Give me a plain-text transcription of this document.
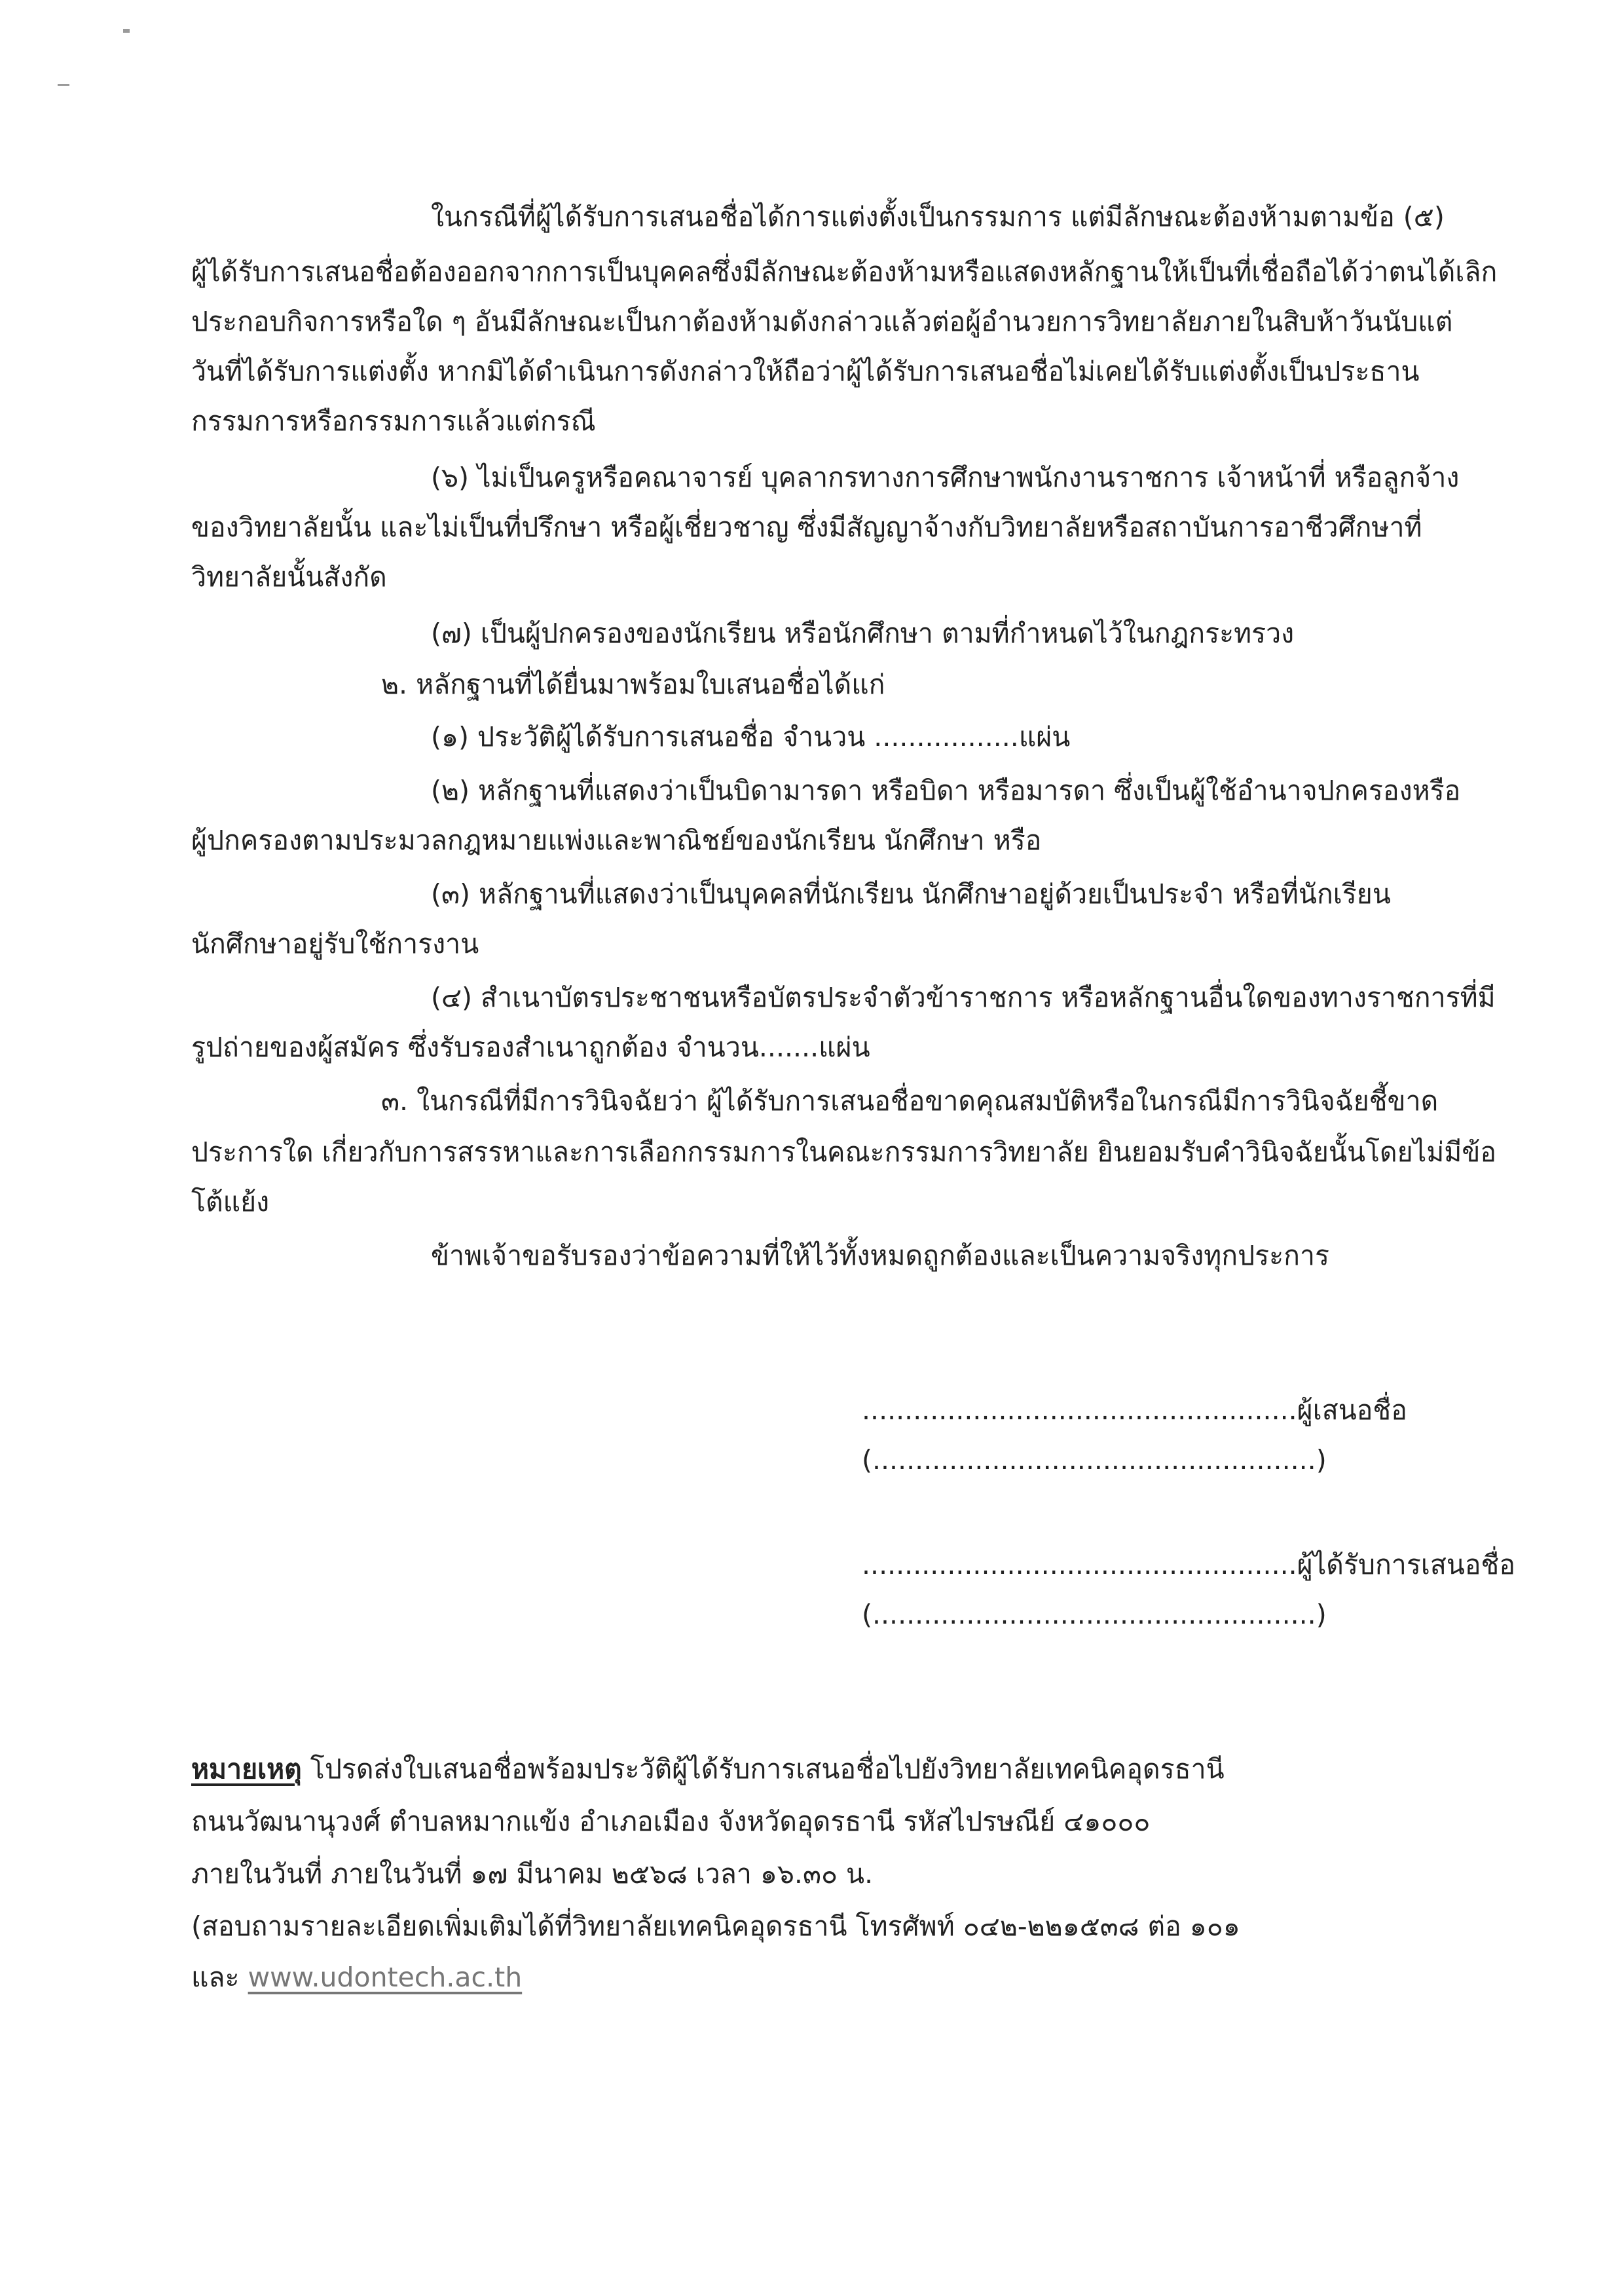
ในกรณีที่ผู้ได้รับการเสนอชื่อได้การแต่งตั้งเป็นกรรมการ แต่มีลักษณะต้องห้ามตามข้อ (๕)
ผู้ได้รับการเสนอชื่อต้องออกจากการเป็นบุคคลซึ่งมีลักษณะต้องห้ามหรือแสดงหลักฐานให้เป็นที่เชื่อถือได้ว่าตนได้เลิก
ประกอบกิจการหรือใด ๆ อันมีลักษณะเป็นกาต้องห้ามดังกล่าวแล้วต่อผู้อำนวยการวิทยาลัยภายในสิบห้าวันนับแต่
วันที่ได้รับการแต่งตั้ง หากมิได้ดำเนินการดังกล่าวให้ถือว่าผู้ได้รับการเสนอชื่อไม่เคยได้รับแต่งตั้งเป็นประธาน
กรรมการหรือกรรมการแล้วแต่กรณี
(๖) ไม่เป็นครูหรือคณาจารย์ บุคลากรทางการศึกษาพนักงานราชการ เจ้าหน้าที่ หรือลูกจ้าง
ของวิทยาลัยนั้น และไม่เป็นที่ปรึกษา หรือผู้เชี่ยวชาญ ซึ่งมีสัญญาจ้างกับวิทยาลัยหรือสถาบันการอาชีวศึกษาที่
วิทยาลัยนั้นสังกัด
(๗) เป็นผู้ปกครองของนักเรียน หรือนักศึกษา ตามที่กำหนดไว้ในกฎกระทรวง
๒. หลักฐานที่ได้ยื่นมาพร้อมใบเสนอชื่อได้แก่
(๑) ประวัติผู้ได้รับการเสนอชื่อ จำนวน .................แผ่น
(๒) หลักฐานที่แสดงว่าเป็นบิดามารดา หรือบิดา หรือมารดา ซึ่งเป็นผู้ใช้อำนาจปกครองหรือ
ผู้ปกครองตามประมวลกฎหมายแพ่งและพาณิชย์ของนักเรียน นักศึกษา หรือ
(๓) หลักฐานที่แสดงว่าเป็นบุคคลที่นักเรียน นักศึกษาอยู่ด้วยเป็นประจำ หรือที่นักเรียน
นักศึกษาอยู่รับใช้การงาน
(๔) สำเนาบัตรประชาชนหรือบัตรประจำตัวข้าราชการ หรือหลักฐานอื่นใดของทางราชการที่มี
รูปถ่ายของผู้สมัคร ซึ่งรับรองสำเนาถูกต้อง จำนวน.......แผ่น
๓. ในกรณีที่มีการวินิจฉัยว่า ผู้ได้รับการเสนอชื่อขาดคุณสมบัติหรือในกรณีมีการวินิจฉัยชี้ขาด
ประการใด เกี่ยวกับการสรรหาและการเลือกกรรมการในคณะกรรมการวิทยาลัย ยินยอมรับคำวินิจฉัยนั้นโดยไม่มีข้อ
โต้แย้ง
ข้าพเจ้าขอรับรองว่าข้อความที่ให้ไว้ทั้งหมดถูกต้องและเป็นความจริงทุกประการ
...................................................ผู้เสนอชื่อ
(....................................................)
...................................................ผู้ได้รับการเสนอชื่อ
(....................................................)
หมายเหตุ โปรดส่งใบเสนอชื่อพร้อมประวัติผู้ได้รับการเสนอชื่อไปยังวิทยาลัยเทคนิคอุดรธานี
ถนนวัฒนานุวงศ์ ตำบลหมากแข้ง อำเภอเมือง จังหวัดอุดรธานี รหัสไปรษณีย์ ๔๑๐๐๐
ภายในวันที่ ภายในวันที่ ๑๗ มีนาคม ๒๕๖๘ เวลา ๑๖.๓๐ น.
(สอบถามรายละเอียดเพิ่มเติมได้ที่วิทยาลัยเทคนิคอุดรธานี โทรศัพท์ ๐๔๒-๒๒๑๕๓๘ ต่อ ๑๐๑
และ www.udontech.ac.th
